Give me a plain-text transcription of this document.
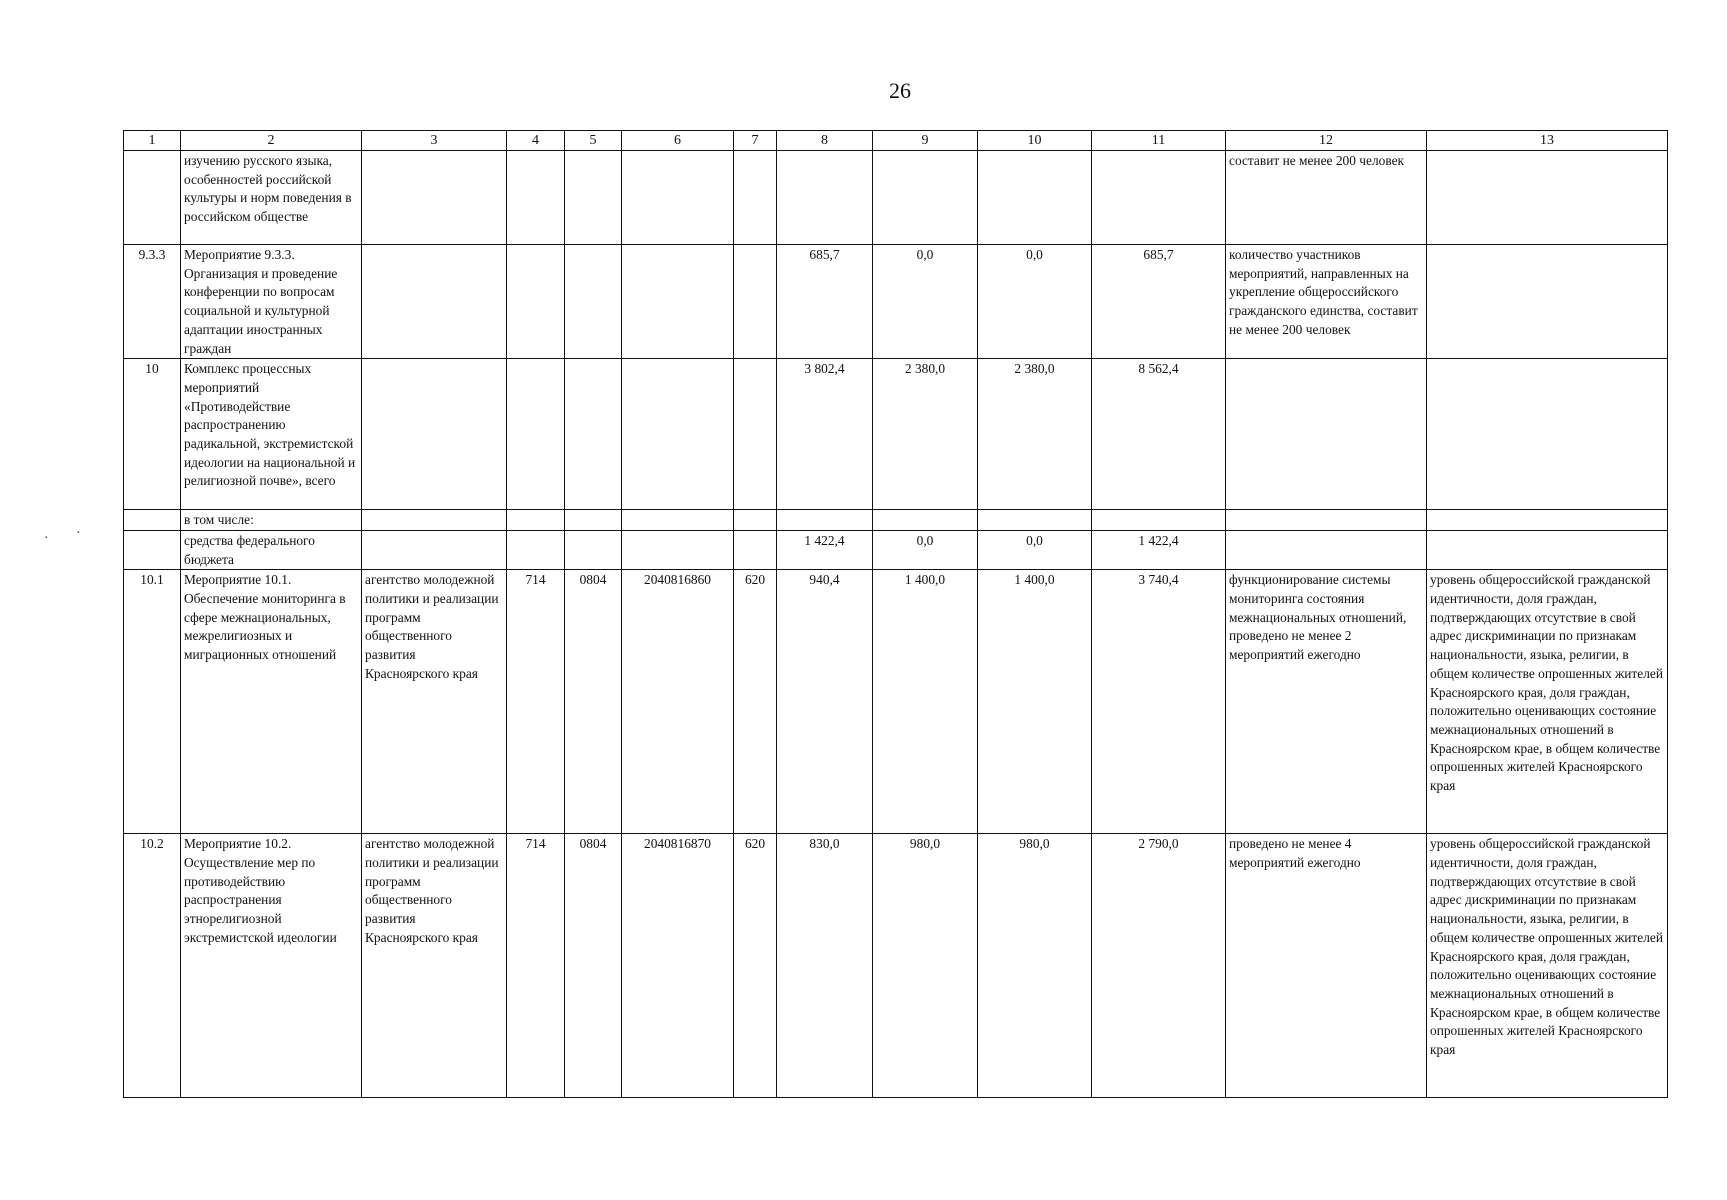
26
1	2	3	4	5	6	7	8	9	10	11	12	13
	изучению русского языка, особенностей российской культуры и норм поведения в российском обществе										составит не менее 200 человек	
9.3.3	Мероприятие 9.3.3. Организация и проведение конференции по вопросам социальной и культурной адаптации иностранных граждан						685,7	0,0	0,0	685,7	количество участников мероприятий, направленных на укрепление общероссийского гражданского единства, составит не менее 200 человек	
10	Комплекс процессных мероприятий «Противодействие распространению радикальной, экстремистской идеологии на национальной и религиозной почве», всего						3 802,4	2 380,0	2 380,0	8 562,4		
	в том числе:											
	средства федерального бюджета						1 422,4	0,0	0,0	1 422,4		
10.1	Мероприятие 10.1. Обеспечение мониторинга в сфере межнациональных, межрелигиозных и миграционных отношений	агентство молодежной политики и реализации программ общественного развития Красноярского края	714	0804	2040816860	620	940,4	1 400,0	1 400,0	3 740,4	функционирование системы мониторинга состояния межнациональных отношений, проведено не менее 2 мероприятий ежегодно	уровень общероссийской гражданской идентичности, доля граждан, подтверждающих отсутствие в свой адрес дискриминации по признакам национальности, языка, религии, в общем количестве опрошенных жителей Красноярского края, доля граждан, положительно оценивающих состояние межнациональных отношений в Красноярском крае, в общем количестве опрошенных жителей Красноярского края
10.2	Мероприятие 10.2. Осуществление мер по противодействию распространения этнорелигиозной экстремистской идеологии	агентство молодежной политики и реализации программ общественного развития Красноярского края	714	0804	2040816870	620	830,0	980,0	980,0	2 790,0	проведено не менее 4 мероприятий ежегодно	уровень общероссийской гражданской идентичности, доля граждан, подтверждающих отсутствие в свой адрес дискриминации по признакам национальности, языка, религии, в общем количестве опрошенных жителей Красноярского края, доля граждан, положительно оценивающих состояние межнациональных отношений в Красноярском крае, в общем количестве опрошенных жителей Красноярского края
· ·
